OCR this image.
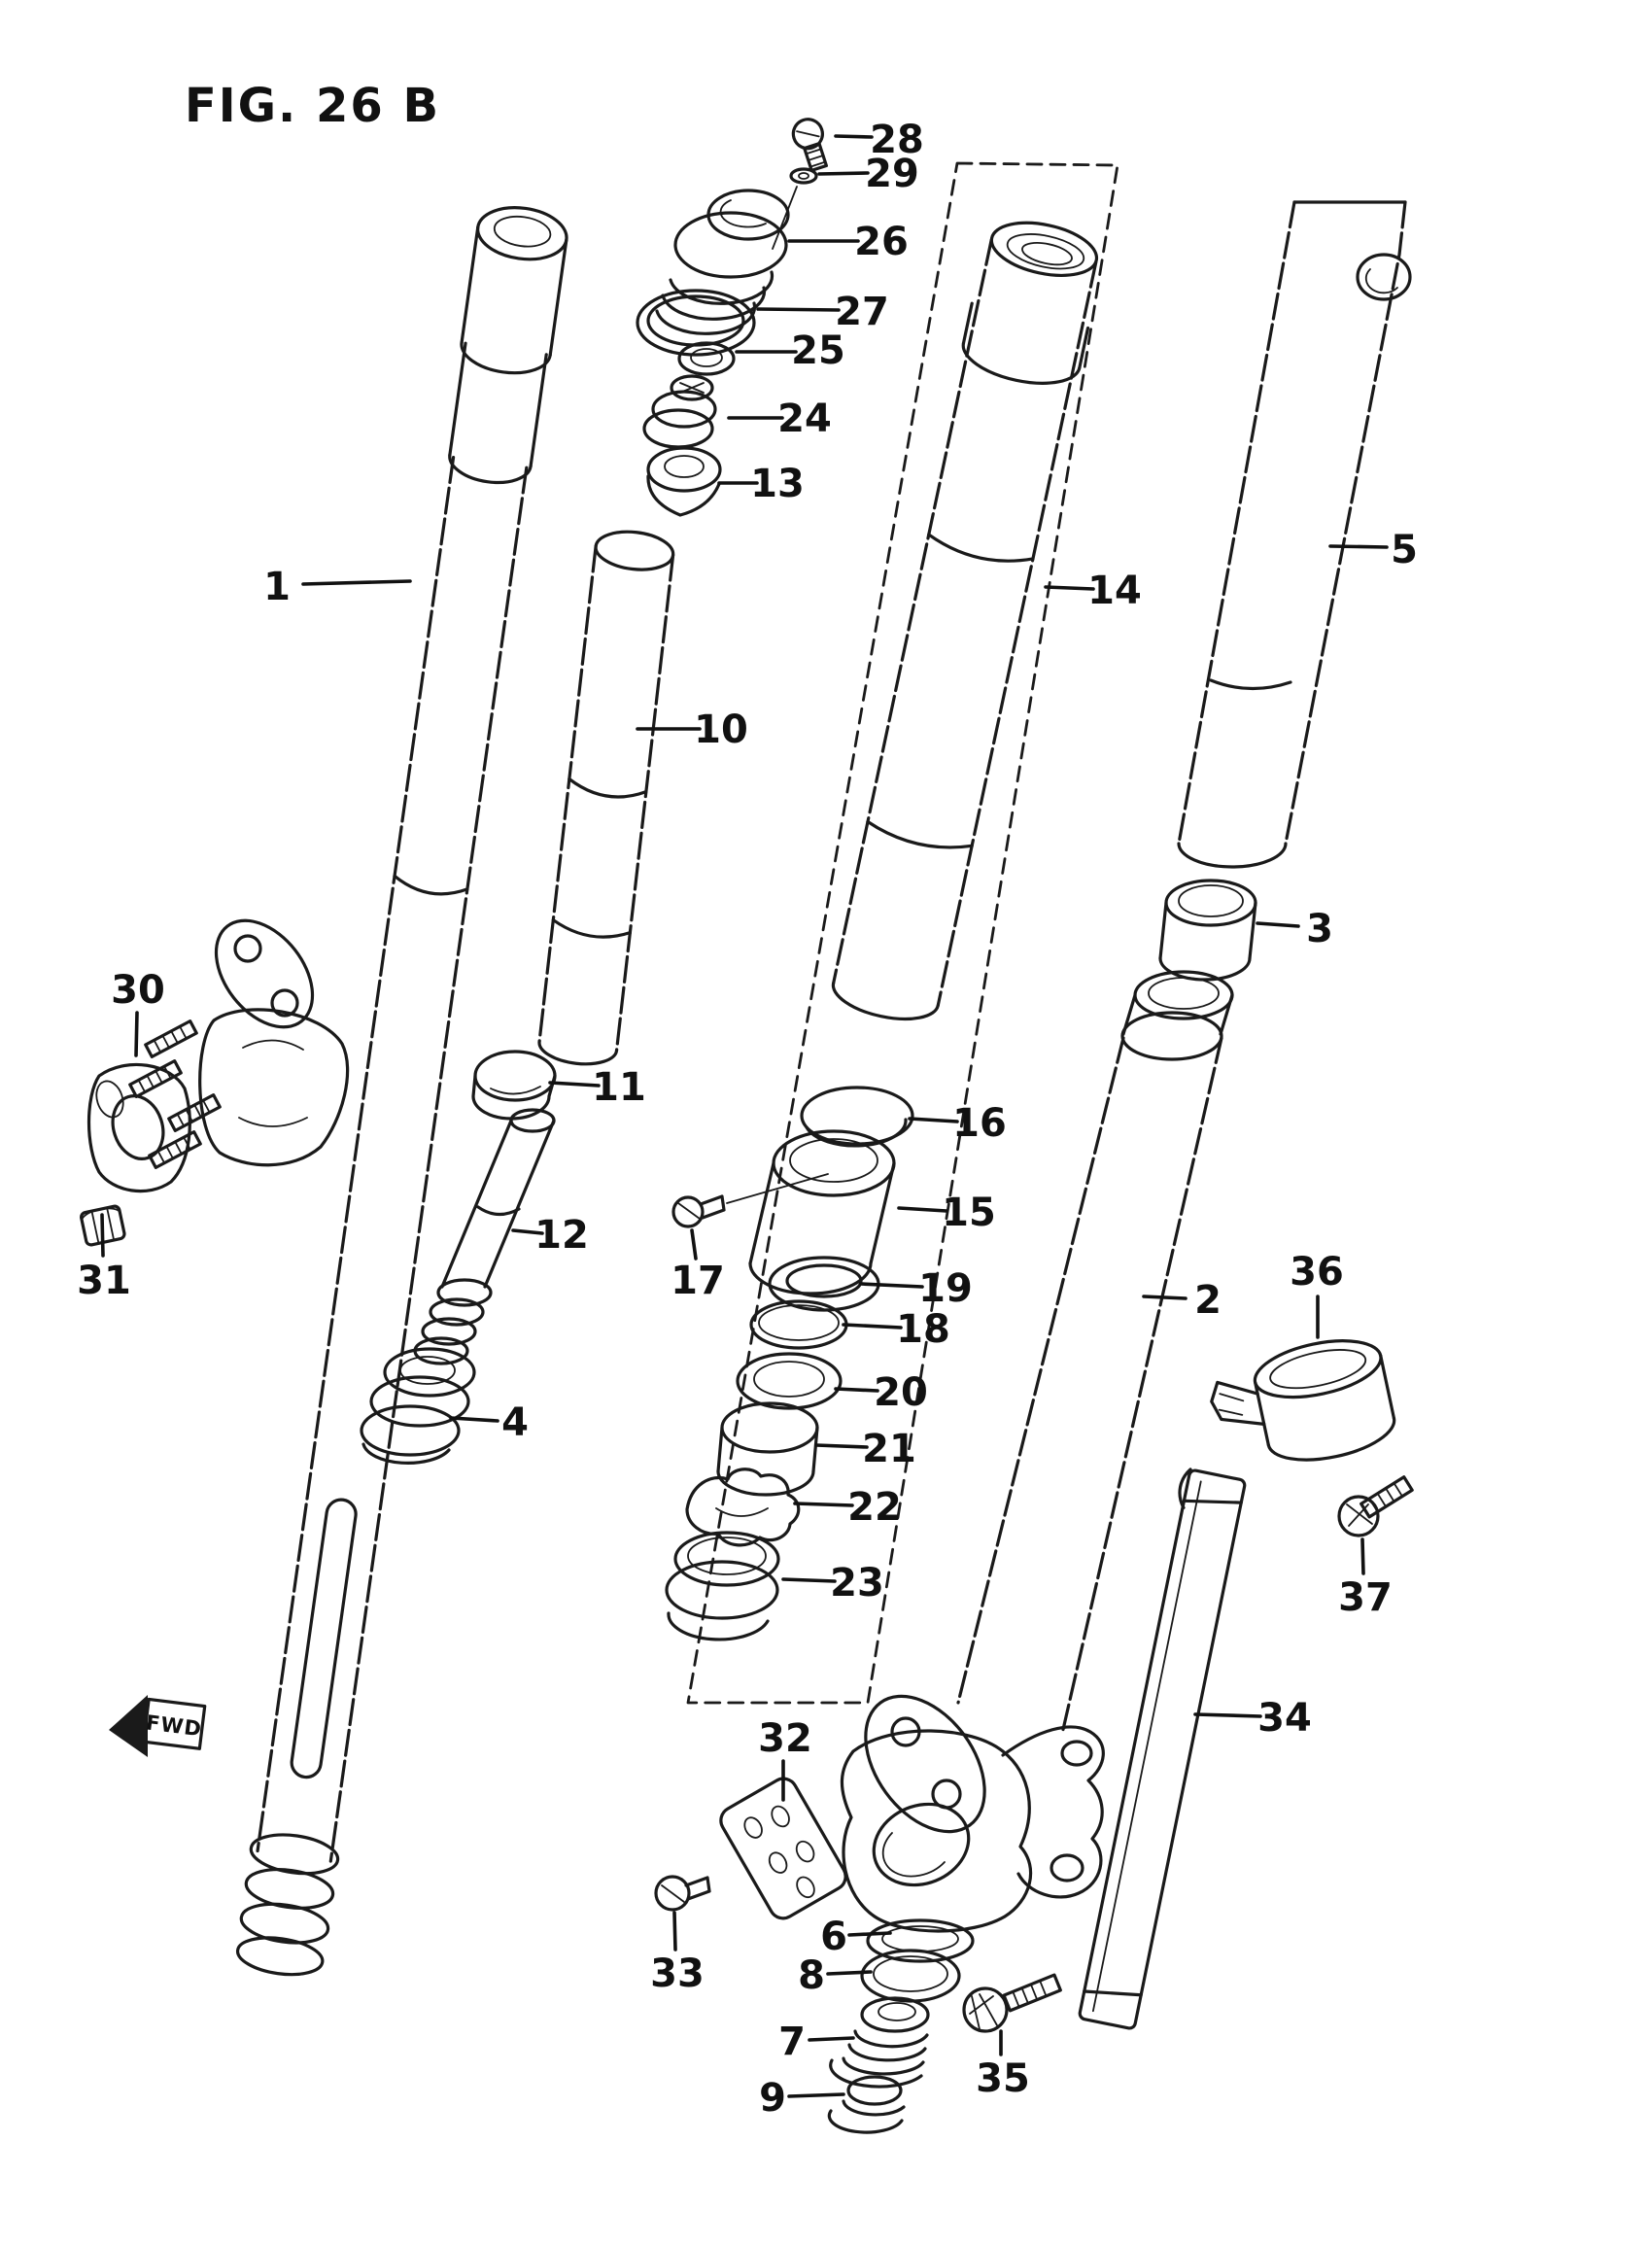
FIG. 26 B
FWD
1
2
3
4
5
6
7
8
9
10
11
12
13
14
15
16
17
18
19
20
21
22
23
24
25
26
27
28
29
30
31
32
33
34
35
36
37
